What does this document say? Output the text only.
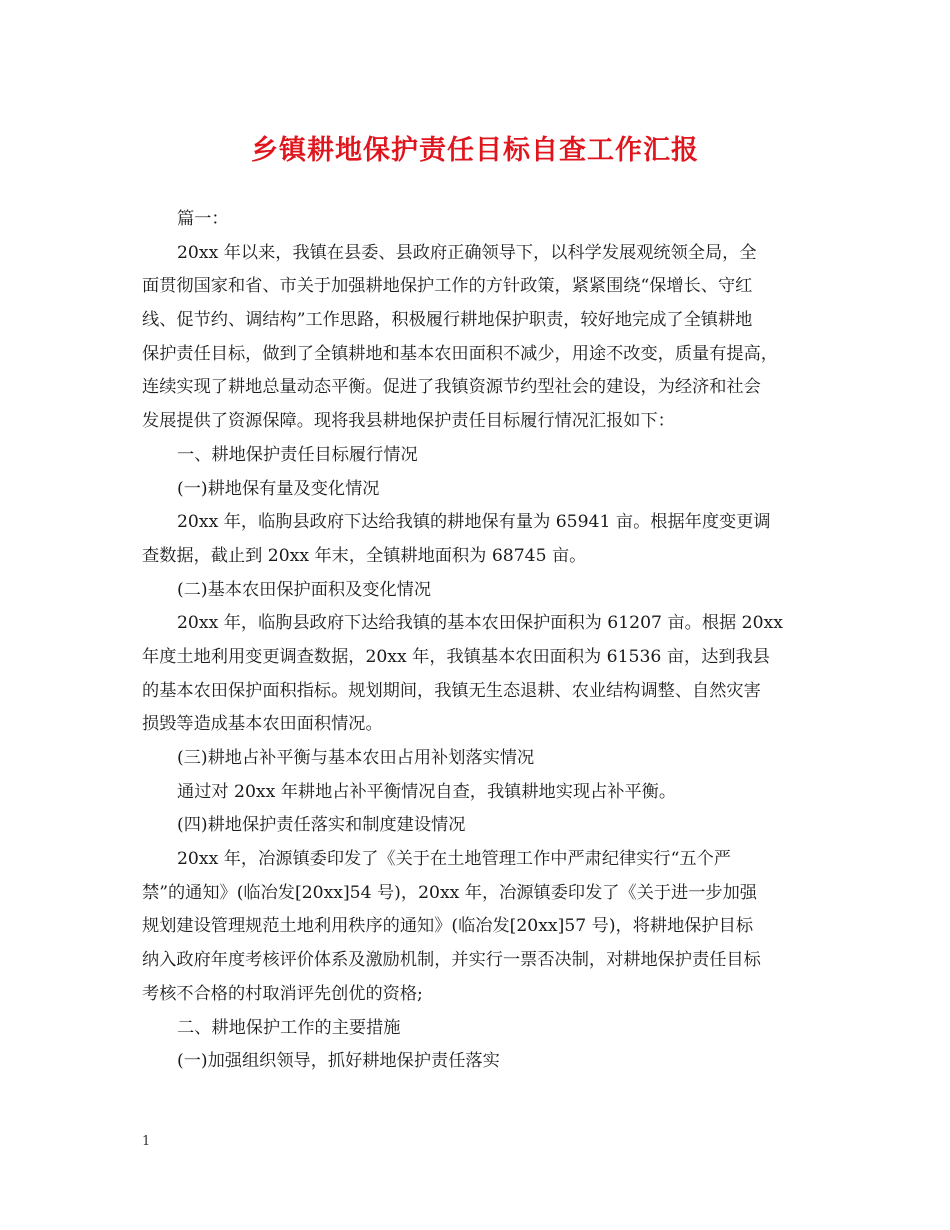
乡镇耕地保护责任目标自查工作汇报
篇一：
20xx 年以来，我镇在县委、县政府正确领导下，以科学发展观统领全局，全
面贯彻国家和省、市关于加强耕地保护工作的方针政策，紧紧围绕“保增长、守红
线、促节约、调结构”工作思路，积极履行耕地保护职责，较好地完成了全镇耕地
保护责任目标，做到了全镇耕地和基本农田面积不减少，用途不改变，质量有提高，
连续实现了耕地总量动态平衡。促进了我镇资源节约型社会的建设，为经济和社会
发展提供了资源保障。现将我县耕地保护责任目标履行情况汇报如下：
一、耕地保护责任目标履行情况
(一)耕地保有量及变化情况
20xx 年，临朐县政府下达给我镇的耕地保有量为 65941 亩。根据年度变更调
查数据，截止到 20xx 年末，全镇耕地面积为 68745 亩。
(二)基本农田保护面积及变化情况
20xx 年，临朐县政府下达给我镇的基本农田保护面积为 61207 亩。根据 20xx
年度土地利用变更调查数据，20xx 年，我镇基本农田面积为 61536 亩，达到我县
的基本农田保护面积指标。规划期间，我镇无生态退耕、农业结构调整、自然灾害
损毁等造成基本农田面积情况。
(三)耕地占补平衡与基本农田占用补划落实情况
通过对 20xx 年耕地占补平衡情况自查，我镇耕地实现占补平衡。
(四)耕地保护责任落实和制度建设情况
20xx 年，冶源镇委印发了《关于在土地管理工作中严肃纪律实行“五个严
禁”的通知》(临冶发[20xx]54 号)，20xx 年，冶源镇委印发了《关于进一步加强
规划建设管理规范土地利用秩序的通知》(临冶发[20xx]57 号)，将耕地保护目标
纳入政府年度考核评价体系及激励机制，并实行一票否决制，对耕地保护责任目标
考核不合格的村取消评先创优的资格;
二、耕地保护工作的主要措施
(一)加强组织领导，抓好耕地保护责任落实
1
